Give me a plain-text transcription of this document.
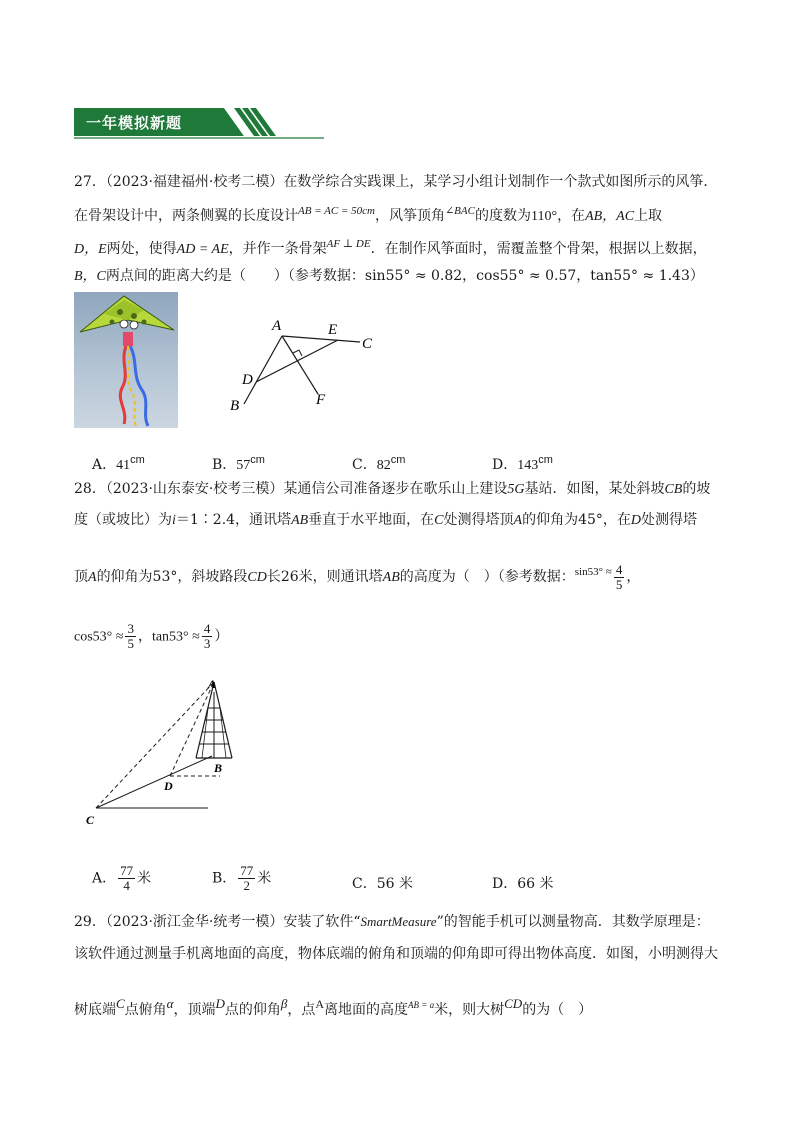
一年模拟新题
27．（2023·福建福州·校考二模）在数学综合实践课上，某学习小组计划制作一个款式如图所示的风筝．
在骨架设计中，两条侧翼的长度设计$^{AB = AC = 50cm}$，风筝顶角$^{\angle BAC}$的度数为110°，在AB，AC上取
D，E两处，使得AD = AE，并作一条骨架$^{AF \perp DE}$．在制作风筝面时，需覆盖整个骨架，根据以上数据，
B，C两点间的距离大约是（　　）（参考数据：sin55° ≈ 0.82，cos55° ≈ 0.57，tan55° ≈ 1.43）
A	E
C
D
B	F
A．$41^{cm}$	B．$57^{cm}$	C．$82^{cm}$	D．$143^{cm}$
28．（2023·山东泰安·校考三模）某通信公司准备逐步在歌乐山上建设5G基站．如图，某处斜坡CB的坡
度（或坡比）为i＝1∶2.4，通讯塔AB垂直于水平地面，在C处测得塔顶A的仰角为45°，在D处测得塔
顶A的仰角为53°，斜坡路段CD长26米，则通讯塔AB的高度为（　）（参考数据：$^{sin53^\circ \approx} \frac{4}{5}$ ，
$\cos 53^\circ \approx \frac{3}{5}$ ，$\tan 53^\circ \approx \frac{4}{3}$ ）
A
B
D
C
A． $\frac{77}{4}$ 米	B． $\frac{77}{2}$ 米	C．56 米	D．66 米
29．（2023·浙江金华·统考一模）安装了软件“SmartMeasure”的智能手机可以测量物高．其数学原理是：
该软件通过测量手机离地面的高度，物体底端的俯角和顶端的仰角即可得出物体高度．如图，小明测得大
树底端C点俯角α，顶端D点的仰角β，点A离地面的高度$^{AB = a}$米，则大树CD的为（　）
